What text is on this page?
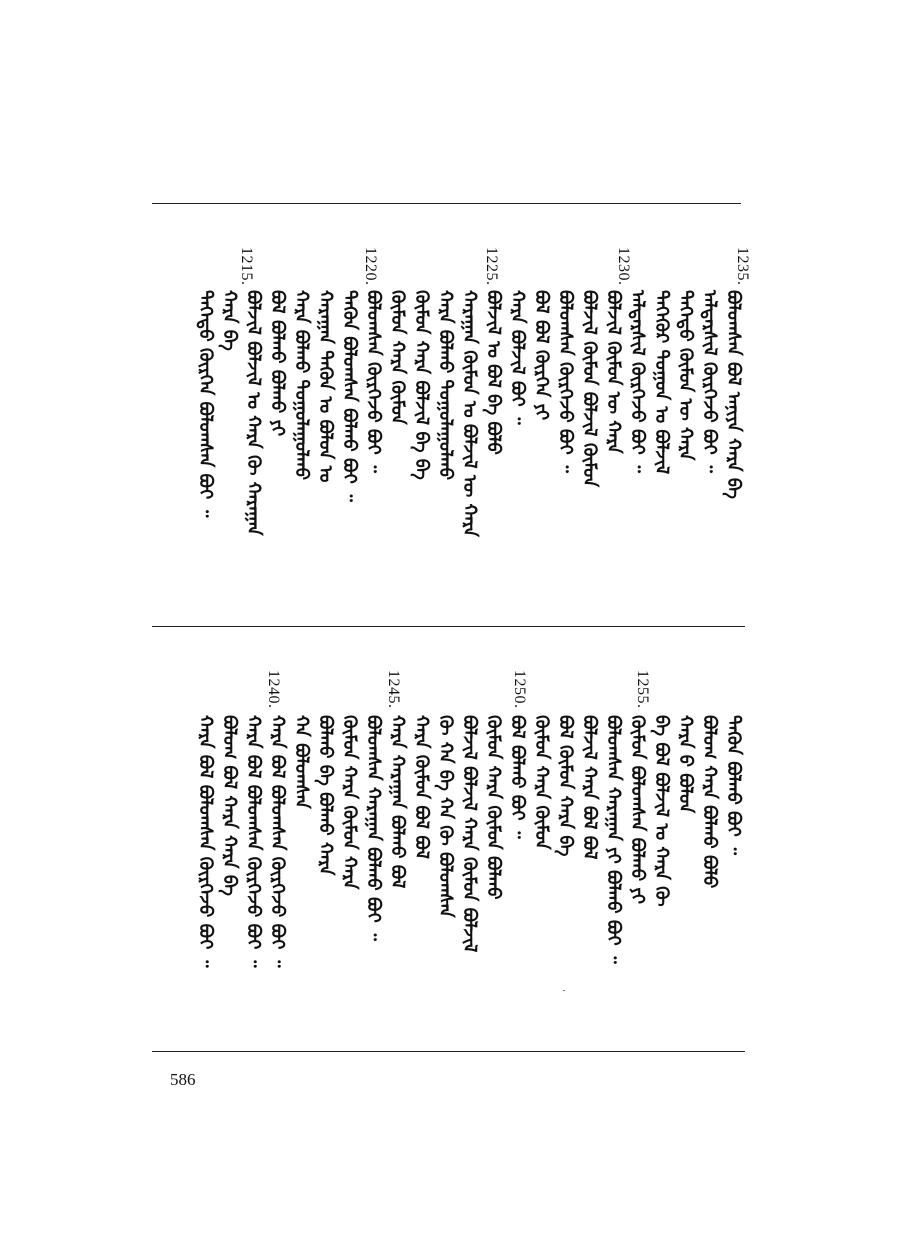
1235.
1230.
1225.
1220.
1215.
ᠪᠣᠯᠣᠭᠰᠠᠨ ᠪᠣᠯ ᠠᠨᠢᠶᠠ ᠬᠠᠷᠠ ᠪᠠ
ᠠᠯᠳᠠᠷᠰᠢᠯ ᠬᠦᠷᠭᠡᠵᠦ ᠪᠣᠢ ᠃
ᠳᠡᠭᠡᠳᠦ ᠬᠦᠮᠦᠨ ᠦ ᠬᠠᠷᠠ
ᠳᠡᠭᠡᠭᠦᠷ ᠲᠣᠭᠣᠨ ᠤ ᠪᠣᠯᠵᠢᠯ
ᠠᠯᠳᠠᠷᠰᠢᠯ ᠬᠦᠷᠭᠡᠵᠦ ᠪᠣᠢ ᠃
ᠪᠣᠯᠵᠢᠯ ᠬᠦᠮᠦᠨ ᠦ ᠬᠠᠷᠠ
ᠪᠣᠯᠵᠢᠯ ᠬᠦᠮᠦᠨ ᠪᠣᠯᠵᠢᠯ ᠬᠦᠮᠦᠨ
ᠪᠣᠯᠣᠭᠰᠠᠨ ᠬᠦᠷᠭᠡᠵᠦ ᠪᠣᠢ ᠃
ᠪᠣᠯ ᠪᠣᠯ ᠬᠦᠷᠭᠡᠨ ᠶᠢ
ᠬᠠᠷᠠ ᠪᠣᠯᠵᠢᠯ ᠪᠣᠢ ᠃
ᠪᠣᠯᠵᠢᠯ ᠤ ᠪᠣᠯ ᠪᠠ ᠪᠣᠯᠣ
ᠬᠠᠷᠠᠭᠠᠨ ᠬᠦᠮᠦᠨ ᠤ ᠪᠣᠯᠵᠢᠯ ᠦ ᠬᠠᠷᠠ
ᠬᠠᠷᠠ ᠪᠣᠯᠬᠤ ᠲᠣᠭᠣᠯᠠᠭᠤᠯᠬᠤ
ᠬᠦᠮᠦᠨ ᠬᠠᠷᠠ ᠪᠣᠯᠵᠢᠯ ᠪᠠ ᠪᠠ
ᠬᠦᠮᠦᠨ ᠬᠠᠷᠠ ᠬᠦᠮᠦᠨ
ᠪᠣᠯᠣᠭᠰᠠᠨ ᠬᠦᠷᠭᠡᠵᠦ ᠪᠣᠢ ᠃
ᠲᠡᠭᠦᠨ ᠪᠣᠯᠣᠭᠰᠠᠨ ᠪᠣᠯᠬᠤ ᠪᠣᠢ ᠃
ᠬᠠᠷᠠᠭᠠᠨ ᠲᠡᠭᠦᠨ ᠤ ᠪᠣᠯᠣᠨ ᠤ
ᠬᠠᠷᠠ ᠪᠣᠯᠬᠤ ᠲᠣᠭᠣᠯᠠᠭᠤᠯᠬᠤ
ᠪᠣᠯ ᠪᠣᠯᠬᠤ ᠪᠣᠯᠬᠤ ᠶᠢ
ᠪᠣᠯᠵᠢᠯ ᠪᠣᠯᠵᠢᠯ ᠤ ᠬᠠᠷᠠ ᠬᠦ ᠬᠠᠷᠠᠭᠠᠨ
ᠬᠠᠷᠠ ᠪᠠ
ᠳᠡᠭᠡᠳᠦ ᠬᠦᠷᠭᠡᠨ ᠪᠣᠯᠣᠭᠰᠠᠨ ᠪᠣᠢ ᠃
1255.
1250.
1245.
1240.
ᠲᠡᠭᠦᠨ ᠪᠣᠯᠬᠤ ᠪᠣᠢ ᠃
ᠪᠣᠯᠣᠭ ᠬᠠᠷᠠ ᠪᠣᠯᠬᠤ ᠪᠣᠯᠣ
ᠬᠠᠷᠠ ᠪ ᠪᠣᠯᠣᠨ
ᠪᠠ ᠪᠣᠯ ᠪᠣᠯᠵᠢᠯ ᠤ ᠬᠠᠷᠠ ᠬᠦ
ᠬᠦᠮᠦᠨ ᠪᠣᠯᠣᠭᠰᠠᠨ ᠪᠣᠯᠬᠤ ᠶᠢ
ᠪᠣᠯᠣᠭᠰᠠᠨ ᠬᠠᠷᠠᠭᠠᠨ ᠶᠢ ᠪᠣᠯᠬᠤ ᠪᠣᠢ ᠃
ᠪᠣᠯᠵᠢᠯ ᠬᠠᠷᠠ ᠪᠣᠯ ᠪᠣᠯ
ᠪᠣᠯ ᠬᠦᠮᠦᠨ ᠬᠠᠷᠠ ᠪᠠ
ᠬᠦᠮᠦᠨ ᠬᠠᠷᠠ ᠬᠦᠮᠦᠨ
ᠪᠣᠯ ᠪᠣᠯᠬᠤ ᠪᠣᠢ ᠃
ᠬᠦᠮᠦᠨ ᠬᠠᠷᠠ ᠬᠦᠮᠦᠨ ᠪᠣᠯᠬᠤ
ᠪᠣᠯᠵᠢᠯ ᠪᠣᠯᠵᠢᠯ ᠬᠠᠷᠠ ᠬᠦᠮᠦᠨ ᠪᠣᠯᠵᠢᠯ
ᠬᠦ ᠬᠠ ᠪᠠ ᠬᠠ ᠬᠦ ᠪᠣᠯᠣᠭᠰᠠᠨ
ᠬᠠᠷᠠ ᠬᠦᠮᠦᠨ ᠪᠣᠯ ᠪᠣᠯ
ᠬᠠᠷᠠ ᠬᠠᠷᠠᠭᠠᠨ ᠪᠣᠯᠬᠤ ᠪᠣᠯ
ᠪᠣᠯᠣᠭᠰᠠᠨ ᠬᠠᠷᠠᠭᠠᠨ ᠪᠣᠯᠬᠤ ᠪᠣᠢ ᠃
ᠬᠦᠮᠦᠨ ᠬᠠᠷᠠ ᠬᠦᠮᠦᠨ ᠬᠠᠷᠠ
ᠪᠣᠯᠬᠤ ᠪᠠ ᠪᠣᠯᠬᠤ ᠬᠠᠷᠠ
ᠬᠠ ᠪᠣᠯᠣᠭᠰᠠᠨ
ᠬᠠᠷᠠ ᠪᠣᠯ ᠪᠣᠯᠣᠭᠰᠠᠨ ᠬᠦᠷᠭᠡᠵᠦ ᠪᠣᠢ ᠃
ᠬᠠᠷᠠ ᠪᠣᠯ ᠪᠣᠯᠣᠭᠰᠠᠨ ᠬᠦᠷᠭᠡᠵᠦ ᠪᠣᠢ ᠃
ᠪᠣᠯᠣᠭ ᠪᠣᠯ ᠬᠠᠷᠠ ᠬᠠᠷᠠ ᠪᠠ
ᠬᠠᠷᠠ ᠪᠣᠯ ᠪᠣᠯᠣᠭᠰᠠᠨ ᠬᠦᠷᠭᠡᠵᠦ ᠪᠣᠢ ᠃
586
